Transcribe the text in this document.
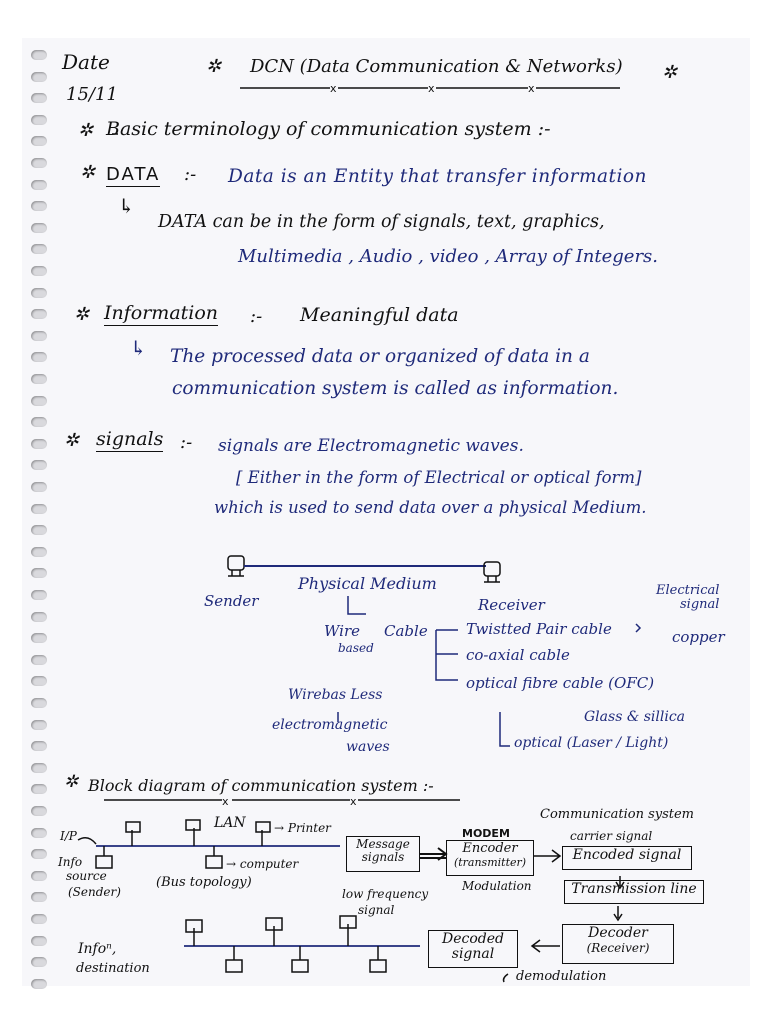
Date
15/11
✲ DCN (Data Communication & Networks) ✲
✲ Basic terminology of communication system :-
✲ DATA :- Data is an Entity that transfer information
↳
DATA can be in the form of signals, text, graphics,
Multimedia , Audio , video , Array of Integers.
✲ Information :- Meaningful data
↳ The processed data or organized of data in a
communication system is called as information.
✲ signals :- signals are Electromagnetic waves.
[ Either in the form of Electrical or optical form]
which is used to send data over a physical Medium.
x	x	x
x	x
Physical Medium
Sender	Receiver
Electrical
signal
Wire
based
Cable	Twistted Pair cable	copper
co-axial cable
optical fibre cable (OFC)
Wirebas Less
electromagnetic
waves
Glass & sillica
optical (Laser / Light)
✲ Block diagram of communication system :-
I/P
LAN → Printer
→ computer
Info
source
(Sender)
(Bus topology)
Message signals
MODEM
Encoder
(transmitter)
Communication system
carrier signal
Encoded signal
Modulation
low frequency
signal
Transmission line
Decoder
(Receiver)
Decoded signal
demodulation
Infoⁿ,
destination
